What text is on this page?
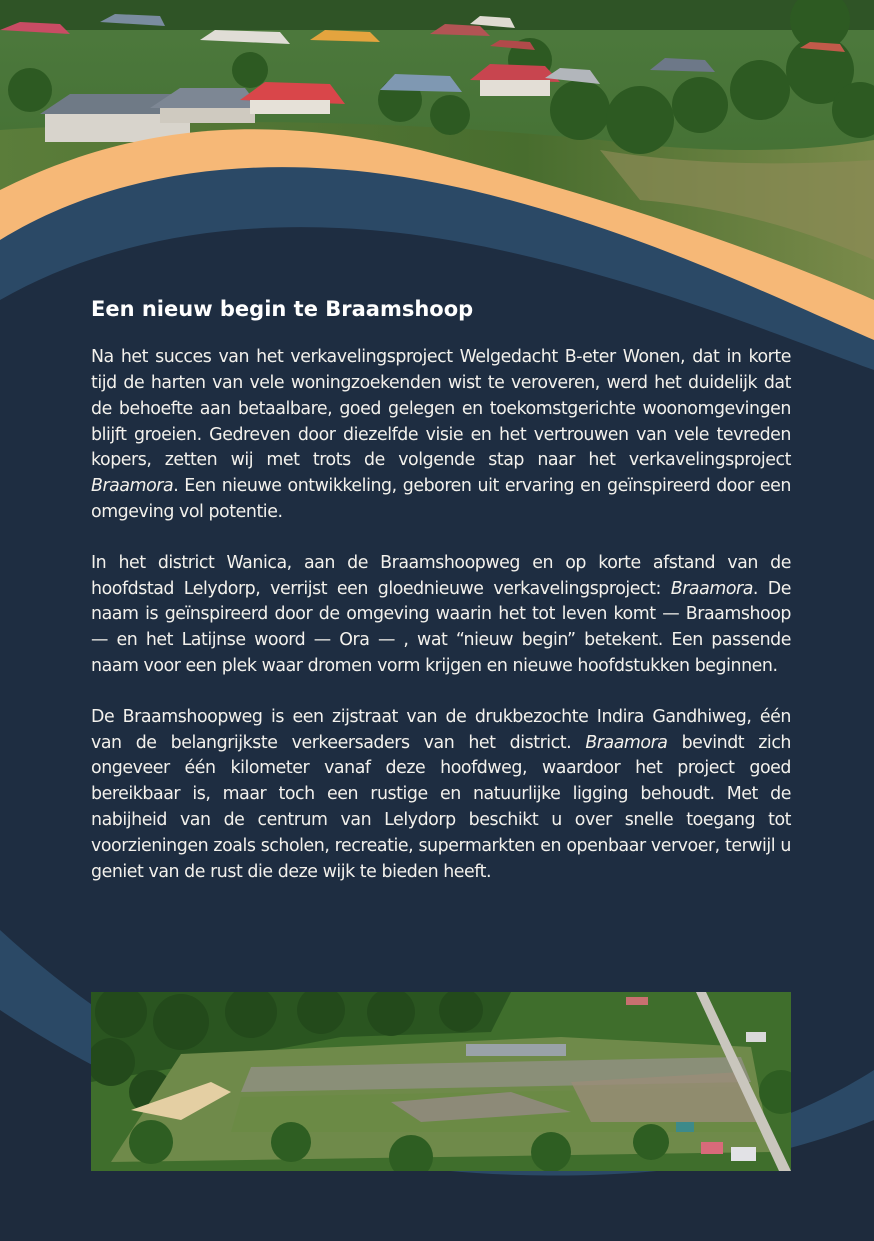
Een nieuw begin te Braamshoop

Na het succes van het verkavelingsproject Welgedacht B-eter Wonen, dat in korte tijd de harten van vele woningzoekenden wist te veroveren, werd het duidelijk dat de behoefte aan betaalbare, goed gelegen en toekomstgerichte woonomgevingen blijft groeien. Gedreven door diezelfde visie en het vertrouwen van vele tevreden kopers, zetten wij met trots de volgende stap naar het verkavelingsproject Braamora. Een nieuwe ontwikkeling, geboren uit ervaring en geïnspireerd door een omgeving vol potentie.

In het district Wanica, aan de Braamshoopweg en op korte afstand van de hoofdstad Lelydorp, verrijst een gloednieuwe verkavelingsproject: Braamora. De naam is geïnspireerd door de omgeving waarin het tot leven komt — Braamshoop — en het Latijnse woord — Ora — , wat “nieuw begin” betekent. Een passende naam voor een plek waar dromen vorm krijgen en nieuwe hoofdstukken beginnen.

De Braamshoopweg is een zijstraat van de drukbezochte Indira Gandhiweg, één van de belangrijkste verkeersaders van het district. Braamora bevindt zich ongeveer één kilometer vanaf deze hoofdweg, waardoor het project goed bereikbaar is, maar toch een rustige en natuurlijke ligging behoudt. Met de nabijheid van de centrum van Lelydorp beschikt u over snelle toegang tot voorzieningen zoals scholen, recreatie, supermarkten en openbaar vervoer, terwijl u geniet van de rust die deze wijk te bieden heeft.
